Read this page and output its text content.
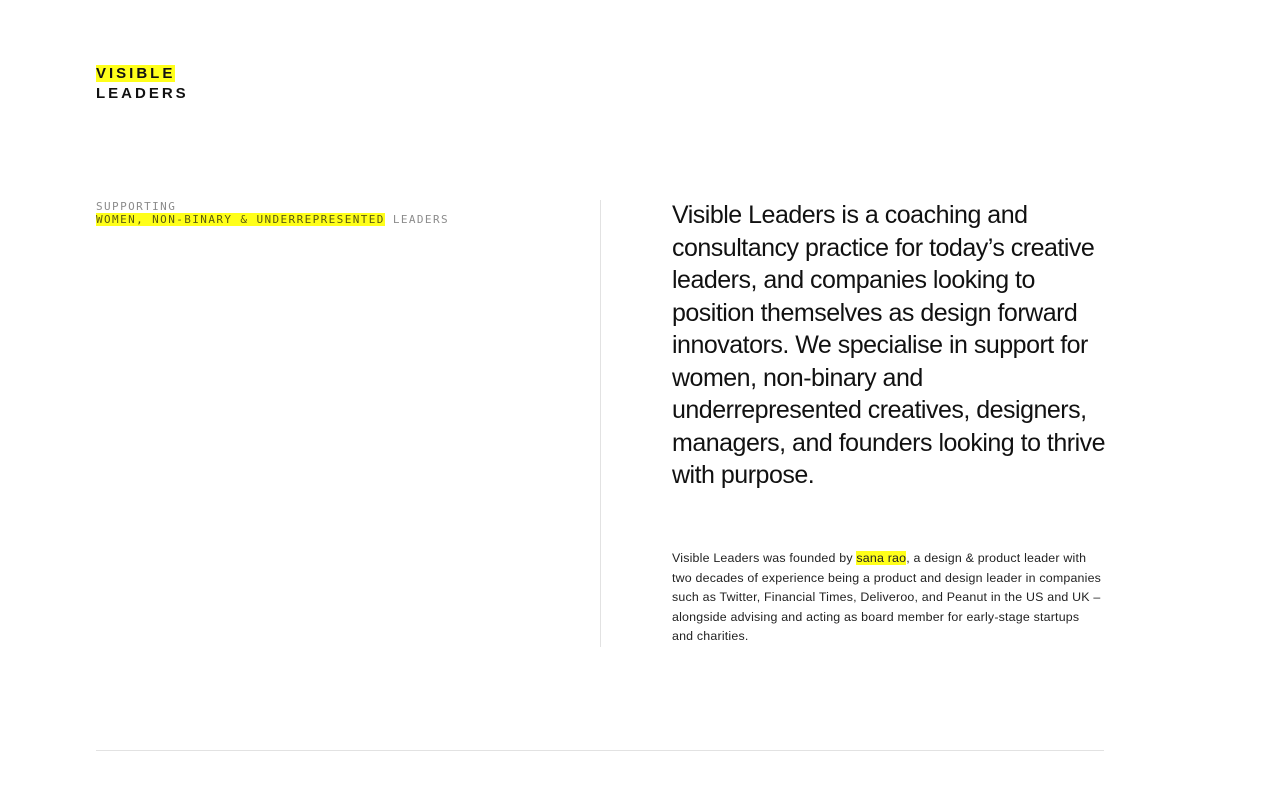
VISIBLE
LEADERS
SUPPORTING
WOMEN, NON-BINARY & UNDERREPRESENTED LEADERS	Visible Leaders is a coaching and consultancy practice for today’s creative leaders, and companies looking to position themselves as design forward innovators. We specialise in support for women, non-binary and underrepresented creatives, designers, managers, and founders looking to thrive with purpose.

Visible Leaders was founded by sana rao, a design & product leader with two decades of experience being a product and design leader in companies such as Twitter, Financial Times, Deliveroo, and Peanut in the US and UK – alongside advising and acting as board member for early-stage startups and charities.
